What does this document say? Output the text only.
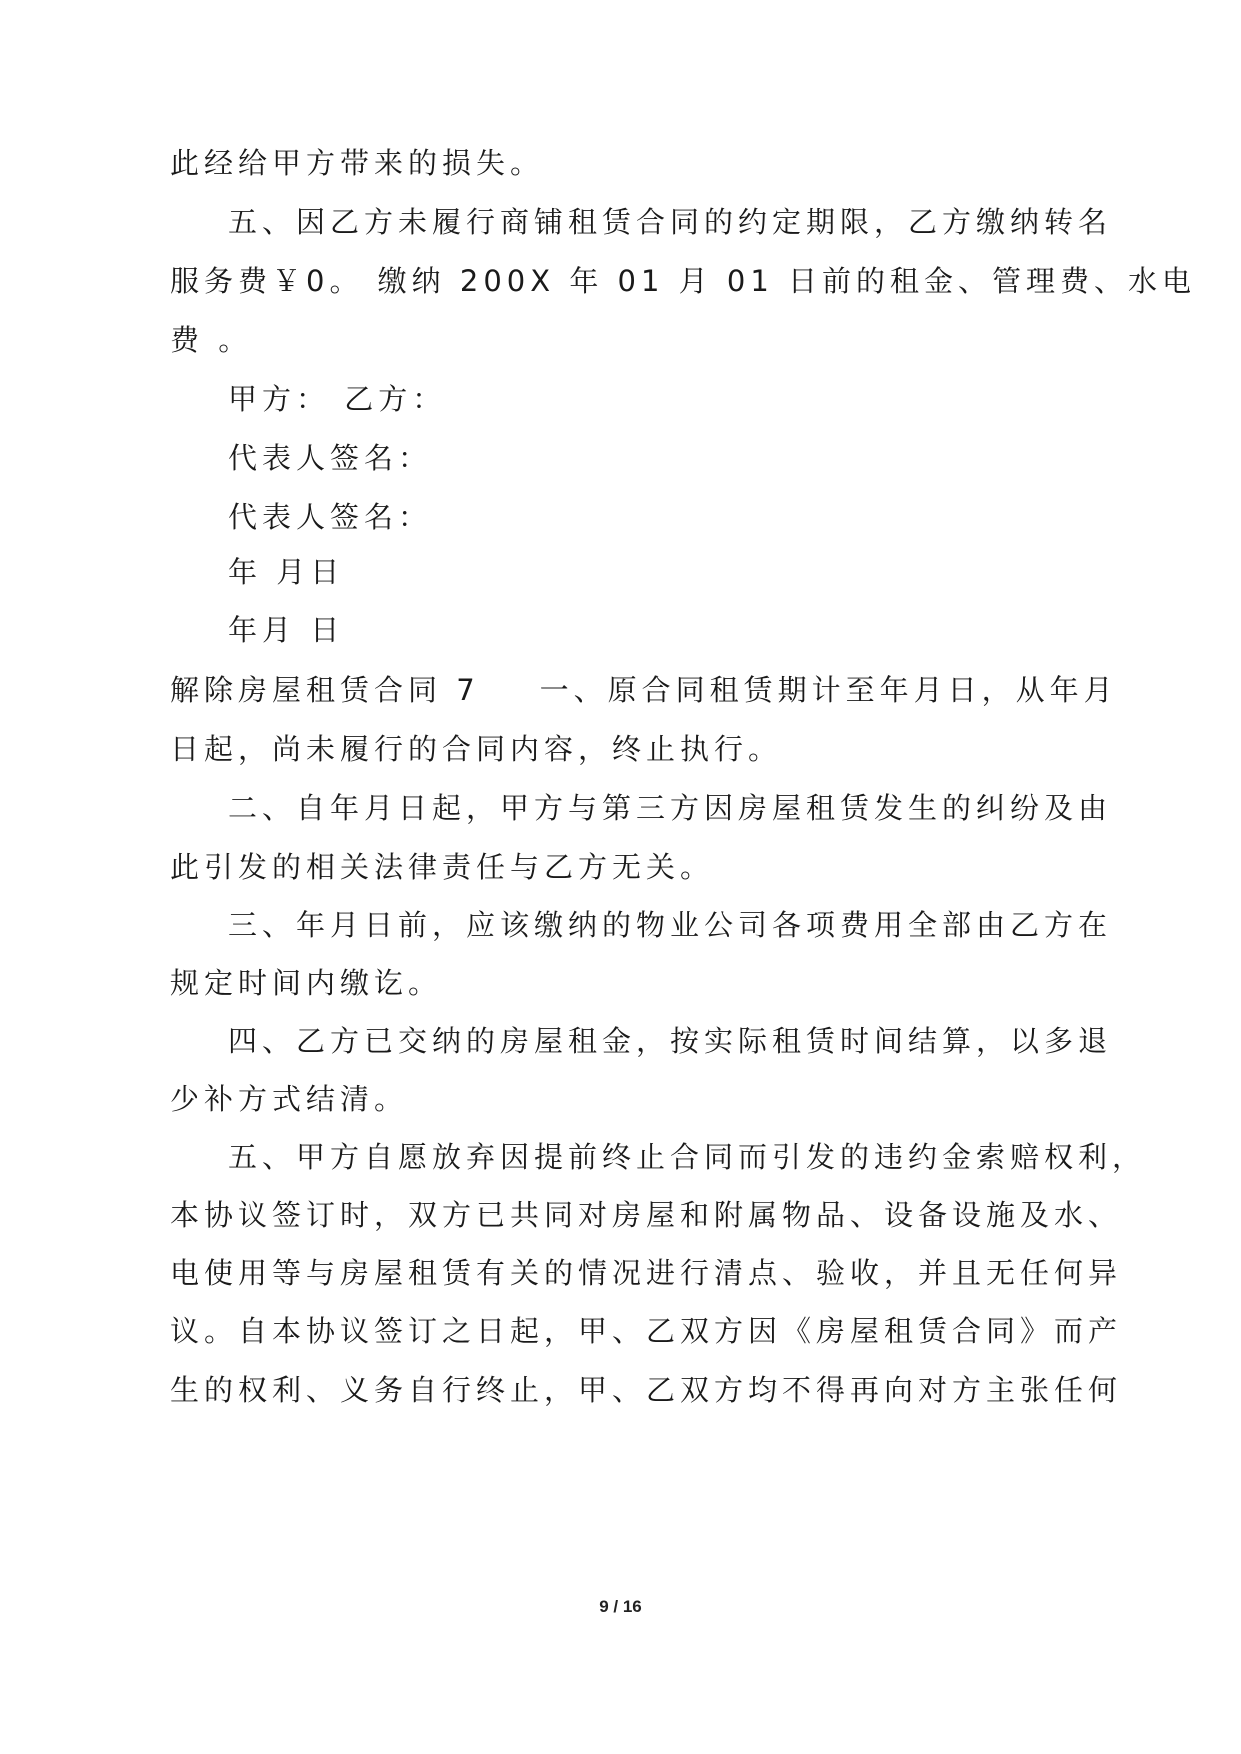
此经给甲方带来的损失。
五、因乙方未履行商铺租赁合同的约定期限，乙方缴纳转名
服务费￥0。 缴纳 200X 年 01 月 01 日前的租金、管理费、水电
费 。
甲方： 乙方：
代表人签名：
代表人签名：
年 月日
年月 日
解除房屋租赁合同 7 一、原合同租赁期计至年月日，从年月
日起，尚未履行的合同内容，终止执行。
二、自年月日起，甲方与第三方因房屋租赁发生的纠纷及由
此引发的相关法律责任与乙方无关。
三、年月日前，应该缴纳的物业公司各项费用全部由乙方在
规定时间内缴讫。
四、乙方已交纳的房屋租金，按实际租赁时间结算，以多退
少补方式结清。
五、甲方自愿放弃因提前终止合同而引发的违约金索赔权利，
本协议签订时，双方已共同对房屋和附属物品、设备设施及水、
电使用等与房屋租赁有关的情况进行清点、验收，并且无任何异
议。自本协议签订之日起，甲、乙双方因《房屋租赁合同》而产
生的权利、义务自行终止，甲、乙双方均不得再向对方主张任何
9 / 16
